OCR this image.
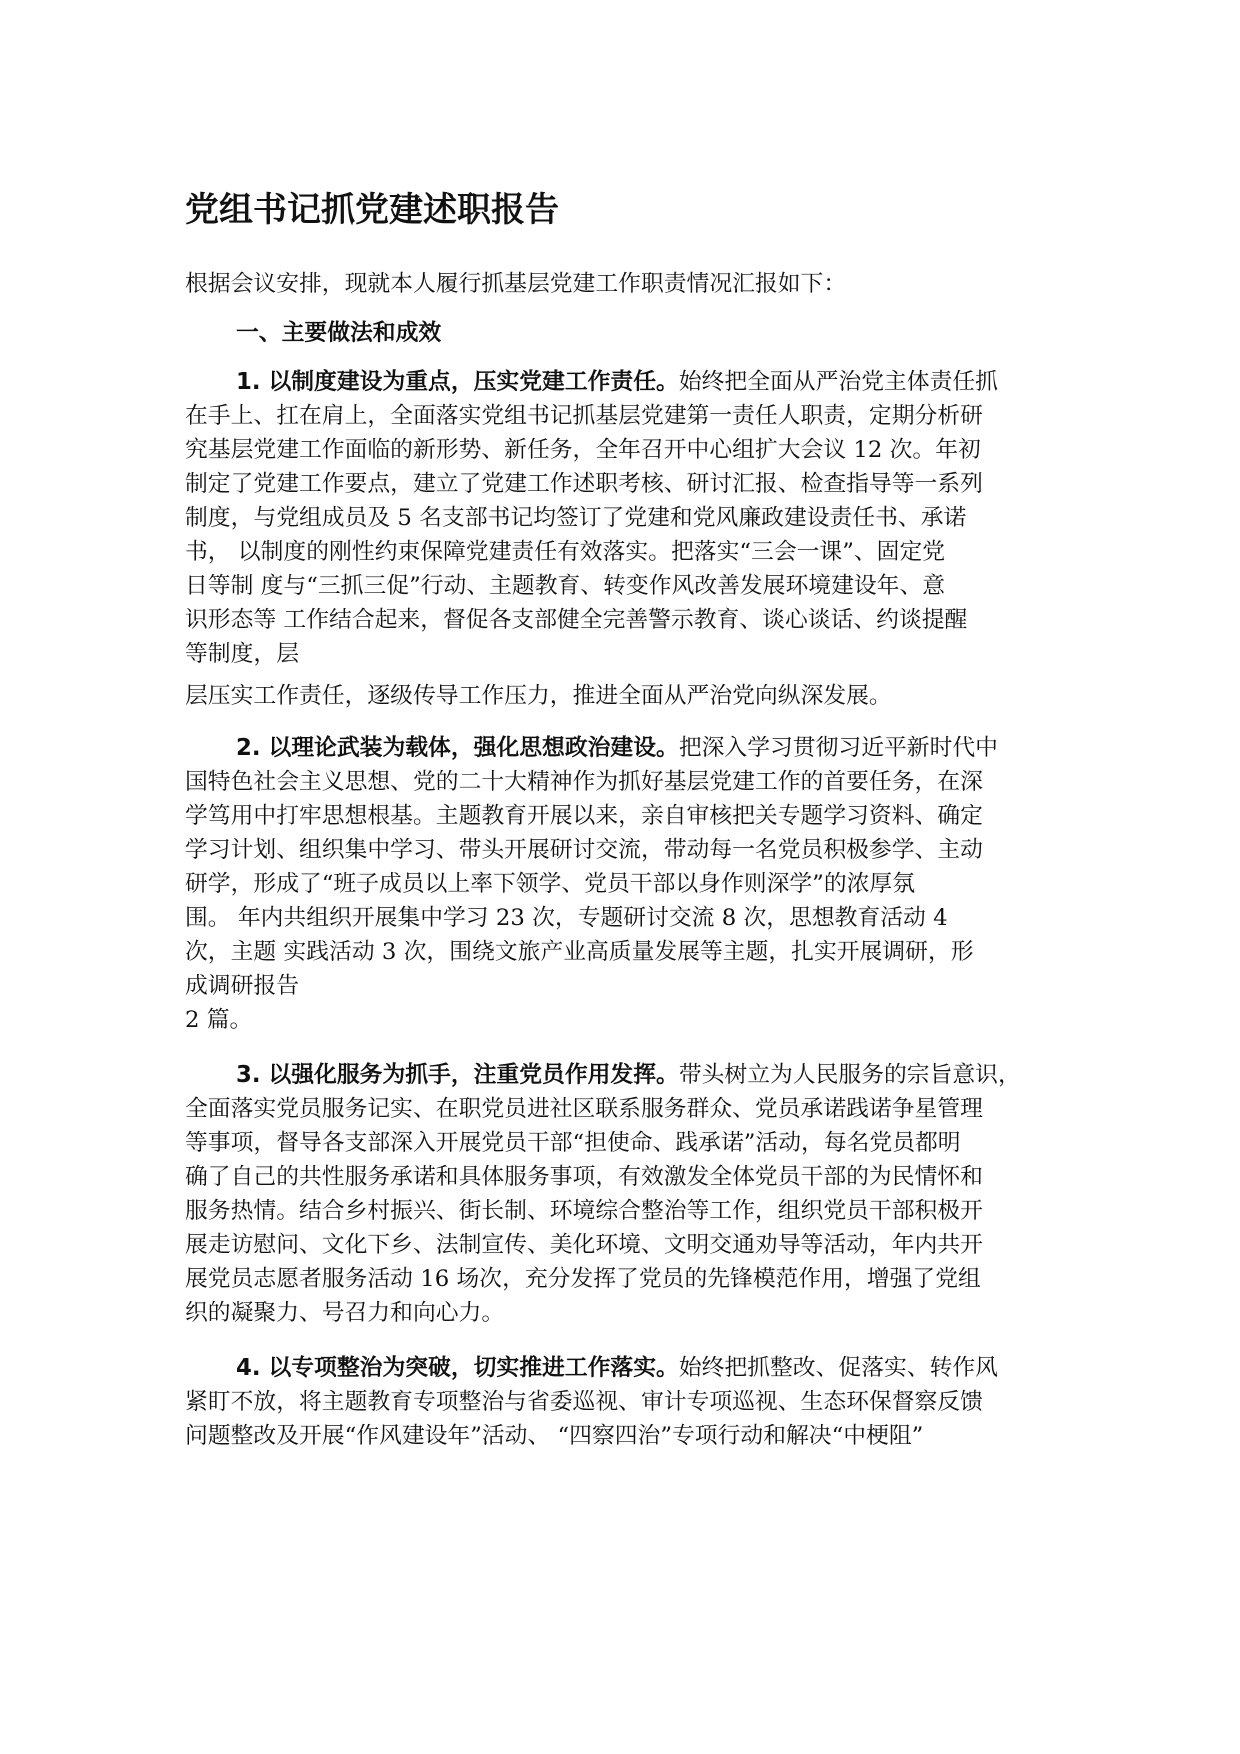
党组书记抓党建述职报告

根据会议安排，现就本人履行抓基层党建工作职责情况汇报如下：

一、主要做法和成效

1. 以制度建设为重点，压实党建工作责任。始终把全面从严治党主体责任抓

在手上、扛在肩上，全面落实党组书记抓基层党建第一责任人职责，定期分析研

究基层党建工作面临的新形势、新任务，全年召开中心组扩大会议 12 次。年初

制定了党建工作要点，建立了党建工作述职考核、研讨汇报、检查指导等一系列

制度，与党组成员及 5 名支部书记均签订了党建和党风廉政建设责任书、承诺

书， 以制度的刚性约束保障党建责任有效落实。把落实“三会一课”、固定党

日等制 度与“三抓三促”行动、主题教育、转变作风改善发展环境建设年、意

识形态等 工作结合起来，督促各支部健全完善警示教育、谈心谈话、约谈提醒

等制度，层

层压实工作责任，逐级传导工作压力，推进全面从严治党向纵深发展。

2. 以理论武装为载体，强化思想政治建设。把深入学习贯彻习近平新时代中

国特色社会主义思想、党的二十大精神作为抓好基层党建工作的首要任务，在深

学笃用中打牢思想根基。主题教育开展以来，亲自审核把关专题学习资料、确定

学习计划、组织集中学习、带头开展研讨交流，带动每一名党员积极参学、主动

研学，形成了“班子成员以上率下领学、党员干部以身作则深学”的浓厚氛

围。 年内共组织开展集中学习 23 次，专题研讨交流 8 次，思想教育活动 4

次，主题 实践活动 3 次，围绕文旅产业高质量发展等主题，扎实开展调研，形

成调研报告

2 篇。

3. 以强化服务为抓手，注重党员作用发挥。带头树立为人民服务的宗旨意识，

全面落实党员服务记实、在职党员进社区联系服务群众、党员承诺践诺争星管理

等事项，督导各支部深入开展党员干部“担使命、践承诺”活动，每名党员都明

确了自己的共性服务承诺和具体服务事项，有效激发全体党员干部的为民情怀和

服务热情。结合乡村振兴、街长制、环境综合整治等工作，组织党员干部积极开

展走访慰问、文化下乡、法制宣传、美化环境、文明交通劝导等活动，年内共开

展党员志愿者服务活动 16 场次，充分发挥了党员的先锋模范作用，增强了党组

织的凝聚力、号召力和向心力。

4. 以专项整治为突破，切实推进工作落实。始终把抓整改、促落实、转作风

紧盯不放，将主题教育专项整治与省委巡视、审计专项巡视、生态环保督察反馈

问题整改及开展“作风建设年”活动、 “四察四治”专项行动和解决“中梗阻”
